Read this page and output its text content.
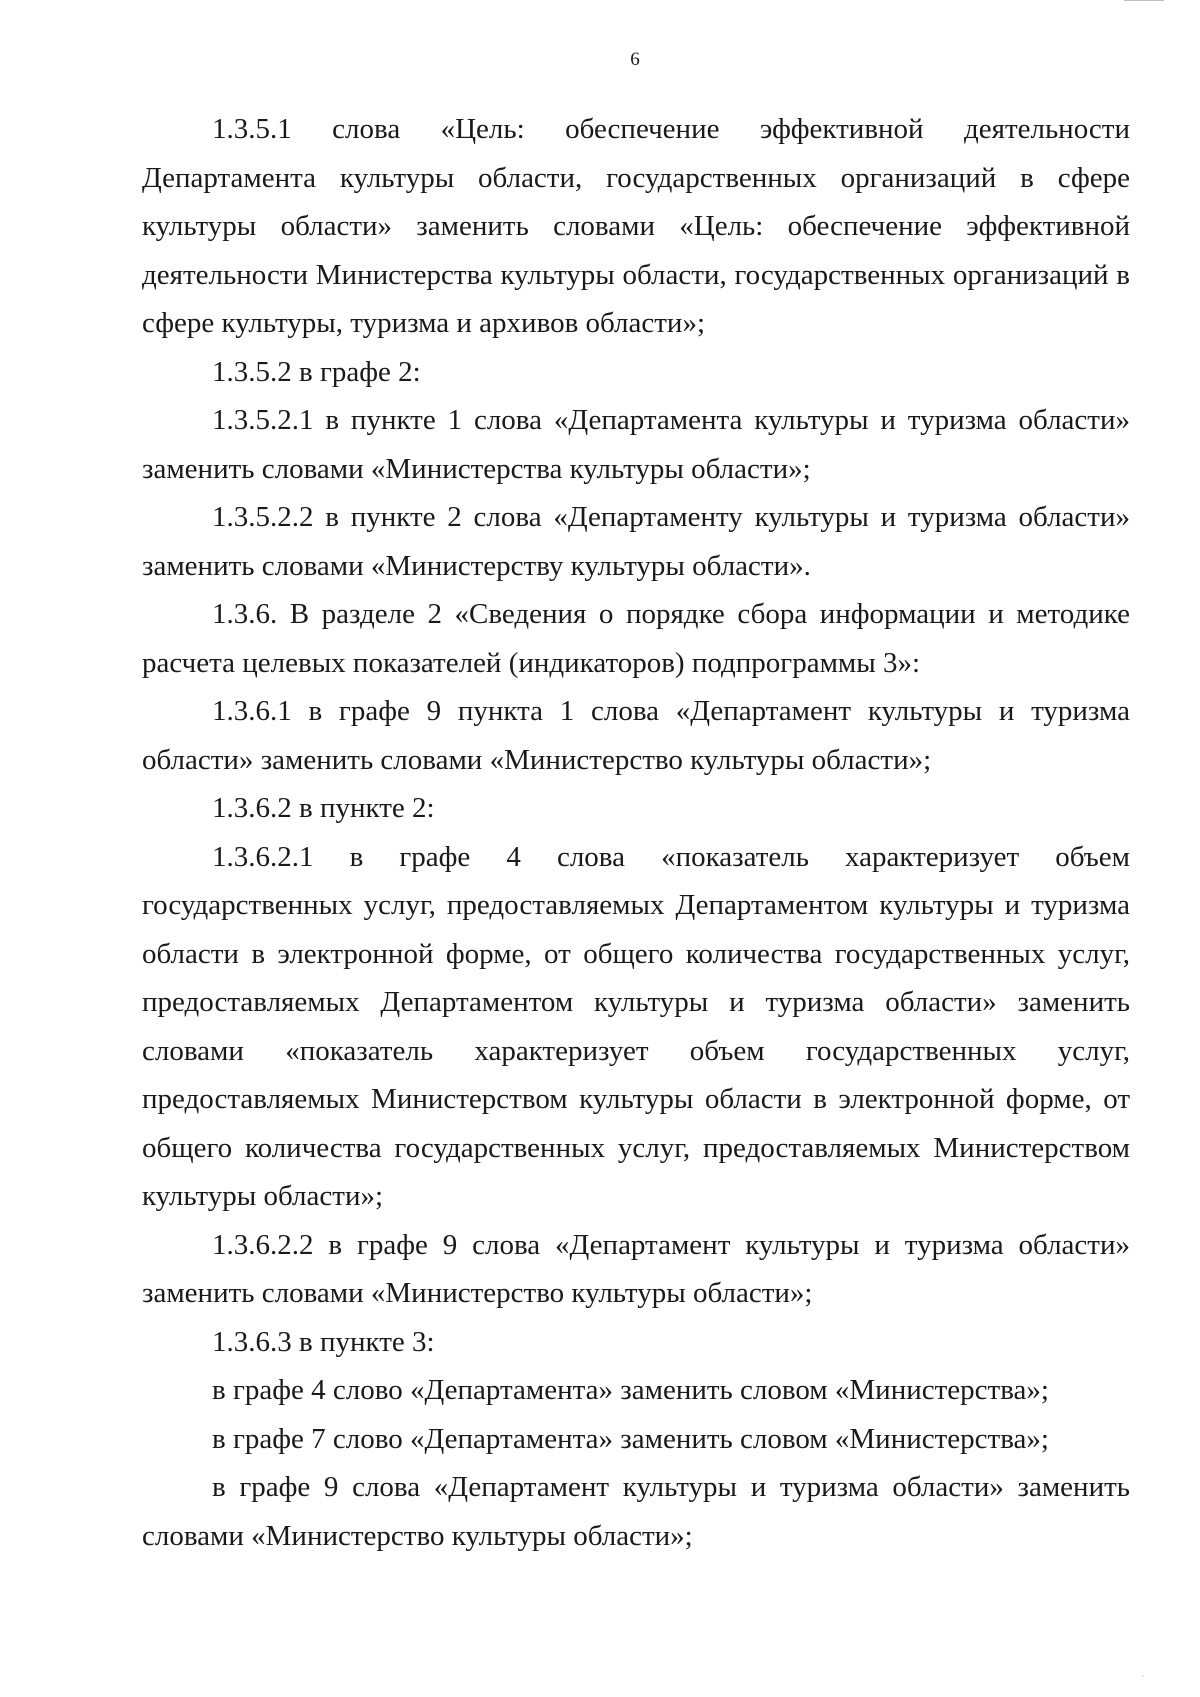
6

1.3.5.1 слова «Цель: обеспечение эффективной деятельности Департамента культуры области, государственных организаций в сфере культуры области» заменить словами «Цель: обеспечение эффективной деятельности Министерства культуры области, государственных организаций в сфере культуры, туризма и архивов области»;

1.3.5.2 в графе 2:

1.3.5.2.1 в пункте 1 слова «Департамента культуры и туризма области» заменить словами «Министерства культуры области»;

1.3.5.2.2 в пункте 2 слова «Департаменту культуры и туризма области» заменить словами «Министерству культуры области».

1.3.6. В разделе 2 «Сведения о порядке сбора информации и методике расчета целевых показателей (индикаторов) подпрограммы 3»:

1.3.6.1 в графе 9 пункта 1 слова «Департамент культуры и туризма области» заменить словами «Министерство культуры области»;

1.3.6.2 в пункте 2:

1.3.6.2.1 в графе 4 слова «показатель характеризует объем государственных услуг, предоставляемых Департаментом культуры и туризма области в электронной форме, от общего количества государственных услуг, предоставляемых Департаментом культуры и туризма области» заменить словами «показатель характеризует объем государственных услуг, предоставляемых Министерством культуры области в электронной форме, от общего количества государственных услуг, предоставляемых Министерством культуры области»;

1.3.6.2.2 в графе 9 слова «Департамент культуры и туризма области» заменить словами «Министерство культуры области»;

1.3.6.3 в пункте 3:

в графе 4 слово «Департамента» заменить словом «Министерства»;

в графе 7 слово «Департамента» заменить словом «Министерства»;

в графе 9 слова «Департамент культуры и туризма области» заменить словами «Министерство культуры области»;

ׁׁ
